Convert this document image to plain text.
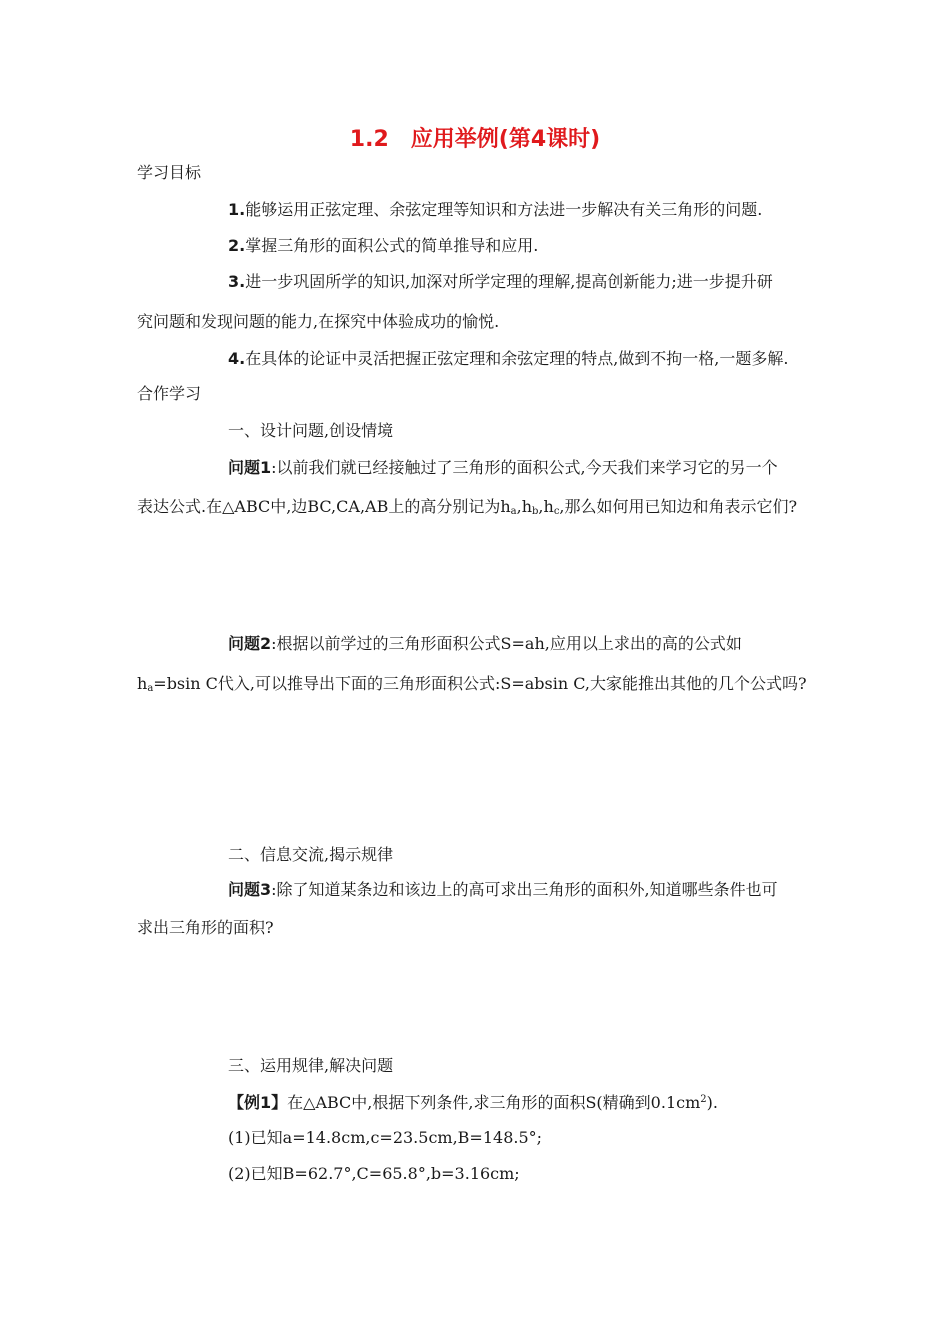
1.2　应用举例(第4课时)
学习目标
1.能够运用正弦定理、余弦定理等知识和方法进一步解决有关三角形的问题.
2.掌握三角形的面积公式的简单推导和应用.
3.进一步巩固所学的知识,加深对所学定理的理解,提高创新能力;进一步提升研
究问题和发现问题的能力,在探究中体验成功的愉悦.
4.在具体的论证中灵活把握正弦定理和余弦定理的特点,做到不拘一格,一题多解.
合作学习
一、设计问题,创设情境
问题1:以前我们就已经接触过了三角形的面积公式,今天我们来学习它的另一个
表达公式.在△ABC中,边BC,CA,AB上的高分别记为$h_a,h_b,h_c$,那么如何用已知边和角表示它们?
问题2:根据以前学过的三角形面积公式S=ah,应用以上求出的高的公式如
$h_a=bsin$ C代入,可以推导出下面的三角形面积公式:S=absin C,大家能推出其他的几个公式吗?
二、信息交流,揭示规律
问题3:除了知道某条边和该边上的高可求出三角形的面积外,知道哪些条件也可
求出三角形的面积?
三、运用规律,解决问题
【例1】在△ABC中,根据下列条件,求三角形的面积S(精确到$0.1cm^2$).
(1)已知a=14.8cm,c=23.5cm,B=148.5°;
(2)已知B=62.7°,C=65.8°,b=3.16cm;
